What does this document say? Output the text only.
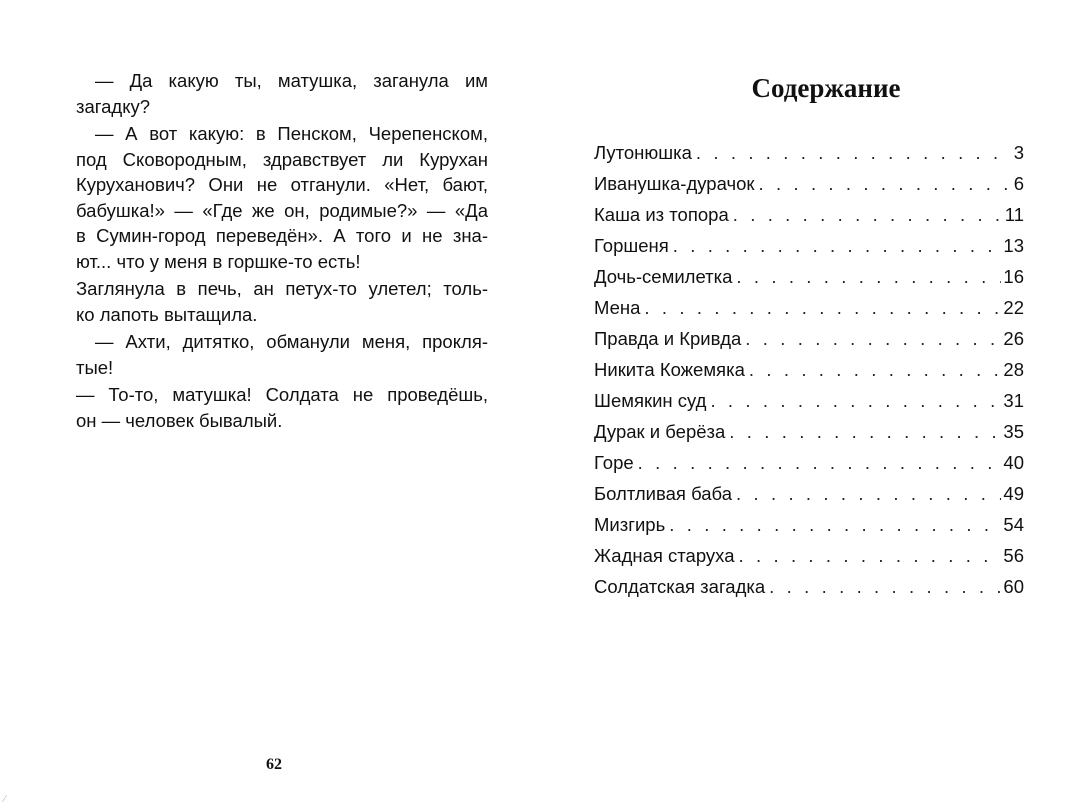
— Да какую ты, матушка, заганула им
загадку?

— А вот какую: в Пенском, Черепенском,
под Сковородным, здравствует ли Курухан
Куруханович? Они не отганули. «Нет, бают,
бабушка!» — «Где же он, родимые?» — «Да
в Сумин-город переведён». А того и не зна-
ют... что у меня в горшке-то есть!

Заглянула в печь, ан петух-то улетел; толь-
ко лапоть вытащила.

— Ахти, дитятко, обманули меня, прокля-
тые!

— То-то, матушка! Солдата не проведёшь,
он — человек бывалый.

62
Содержание
Лутонюшка . . .	3
Иванушка-дурачок . . .	6
Каша из топора . . .	11
Горшеня . . .	13
Дочь-семилетка . . .	16
Мена . . .	22
Правда и Кривда . . .	26
Никита Кожемяка . . .	28
Шемякин суд . . .	31
Дурак и берёза . . .	35
Горе . . .	40
Болтливая баба . . .	49
Мизгирь . . .	54
Жадная старуха . . .	56
Солдатская загадка . . .	60
⁄
